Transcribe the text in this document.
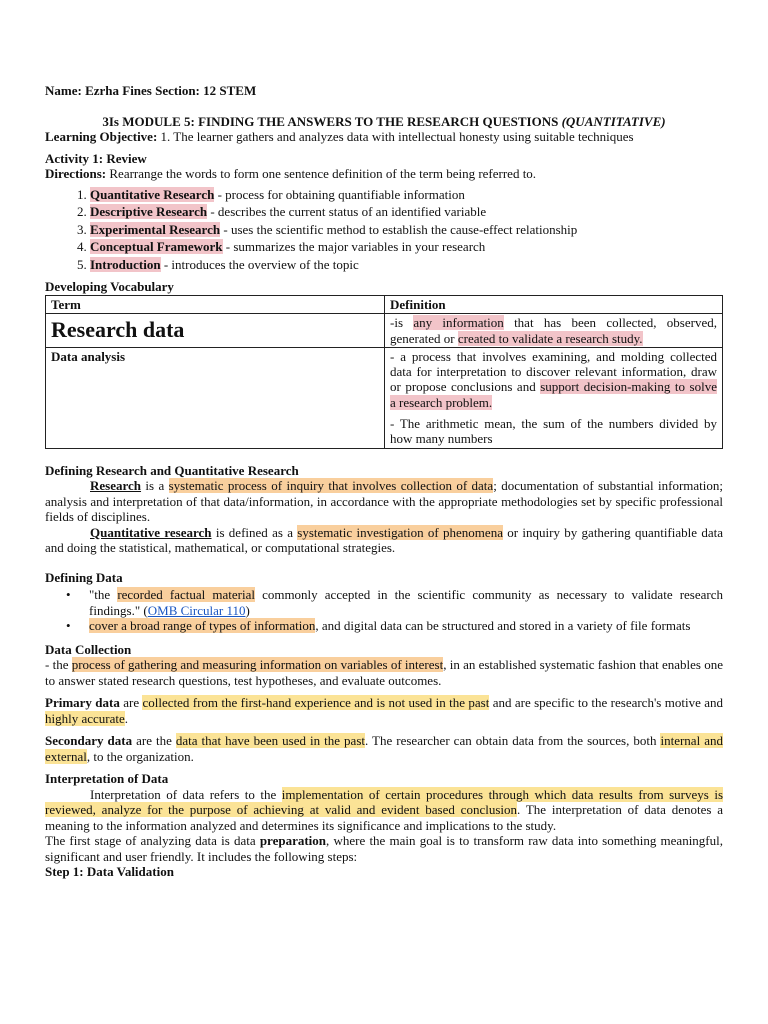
Name: Ezrha Fines Section: 12 STEM

3Is MODULE 5: FINDING THE ANSWERS TO THE RESEARCH QUESTIONS (QUANTITATIVE)

Learning Objective: 1. The learner gathers and analyzes data with intellectual honesty using suitable techniques

Activity 1: Review

Directions: Rearrange the words to form one sentence definition of the term being referred to.

1. Quantitative Research - process for obtaining quantifiable information
2. Descriptive Research - describes the current status of an identified variable
3. Experimental Research - uses the scientific method to establish the cause-effect relationship
4. Conceptual Framework - summarizes the major variables in your research
5. Introduction - introduces the overview of the topic

Developing Vocabulary

Term	Definition

Research data	-is any information that has been collected, observed, generated or created to validate a research study.
Data analysis	- a process that involves examining, and molding collected data for interpretation to discover relevant information, draw or propose conclusions and support decision-making to solve a research problem.

- The arithmetic mean, the sum of the numbers divided by how many numbers

Defining Research and Quantitative Research

Research is a systematic process of inquiry that involves collection of data; documentation of substantial information; analysis and interpretation of that data/information, in accordance with the appropriate methodologies set by specific professional fields of disciplines.

Quantitative research is defined as a systematic investigation of phenomena or inquiry by gathering quantifiable data and doing the statistical, mathematical, or computational strategies.

Defining Data

• "the recorded factual material commonly accepted in the scientific community as necessary to validate research findings." (OMB Circular 110)
• cover a broad range of types of information, and digital data can be structured and stored in a variety of file formats

Data Collection

- the process of gathering and measuring information on variables of interest, in an established systematic fashion that enables one to answer stated research questions, test hypotheses, and evaluate outcomes.

Primary data are collected from the first-hand experience and is not used in the past and are specific to the research's motive and highly accurate.

Secondary data are the data that have been used in the past. The researcher can obtain data from the sources, both internal and external, to the organization.

Interpretation of Data

Interpretation of data refers to the implementation of certain procedures through which data results from surveys is reviewed, analyze for the purpose of achieving at valid and evident based conclusion. The interpretation of data denotes a meaning to the information analyzed and determines its significance and implications to the study.

The first stage of analyzing data is data preparation, where the main goal is to transform raw data into something meaningful, significant and user friendly. It includes the following steps:

Step 1: Data Validation
